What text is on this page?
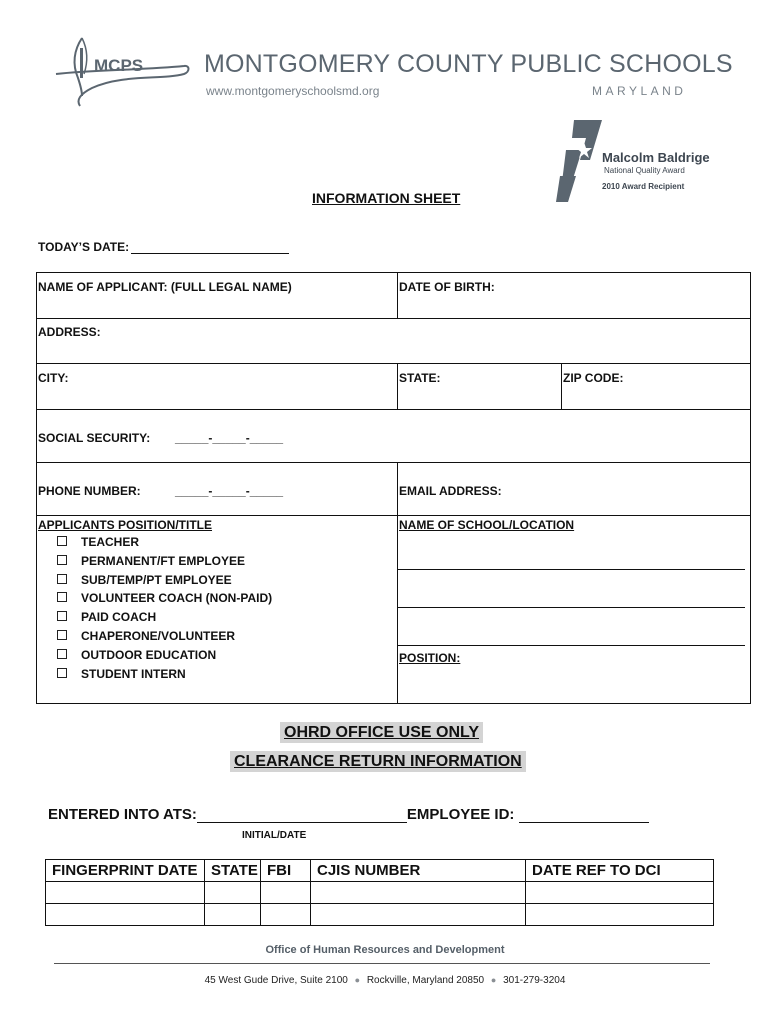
MCPS MONTGOMERY COUNTY PUBLIC SCHOOLS
www.montgomeryschoolsmd.org	MARYLAND
Malcolm Baldrige
National Quality Award
2010 Award Recipient
INFORMATION SHEET
TODAY’S DATE:
NAME OF APPLICANT: (FULL LEGAL NAME)	DATE OF BIRTH:
ADDRESS:
CITY:	STATE:	ZIP CODE:
SOCIAL SECURITY: _____-_____-_____
PHONE NUMBER:	_____-_____-_____	EMAIL ADDRESS:
APPLICANTS POSITION/TITLE	NAME OF SCHOOL/LOCATION
TEACHER
PERMANENT/FT EMPLOYEE
SUB/TEMP/PT EMPLOYEE
VOLUNTEER COACH (NON-PAID)
PAID COACH
CHAPERONE/VOLUNTEER
OUTDOOR EDUCATION
STUDENT INTERN
POSITION:
OHRD OFFICE USE ONLY
CLEARANCE RETURN INFORMATION
ENTERED INTO ATS:	EMPLOYEE ID:
INITIAL/DATE
FINGERPRINT DATE	STATE	FBI	CJIS NUMBER	DATE REF TO DCI

Office of Human Resources and Development
45 West Gude Drive, Suite 2100 ● Rockville, Maryland 20850 ● 301-279-3204
